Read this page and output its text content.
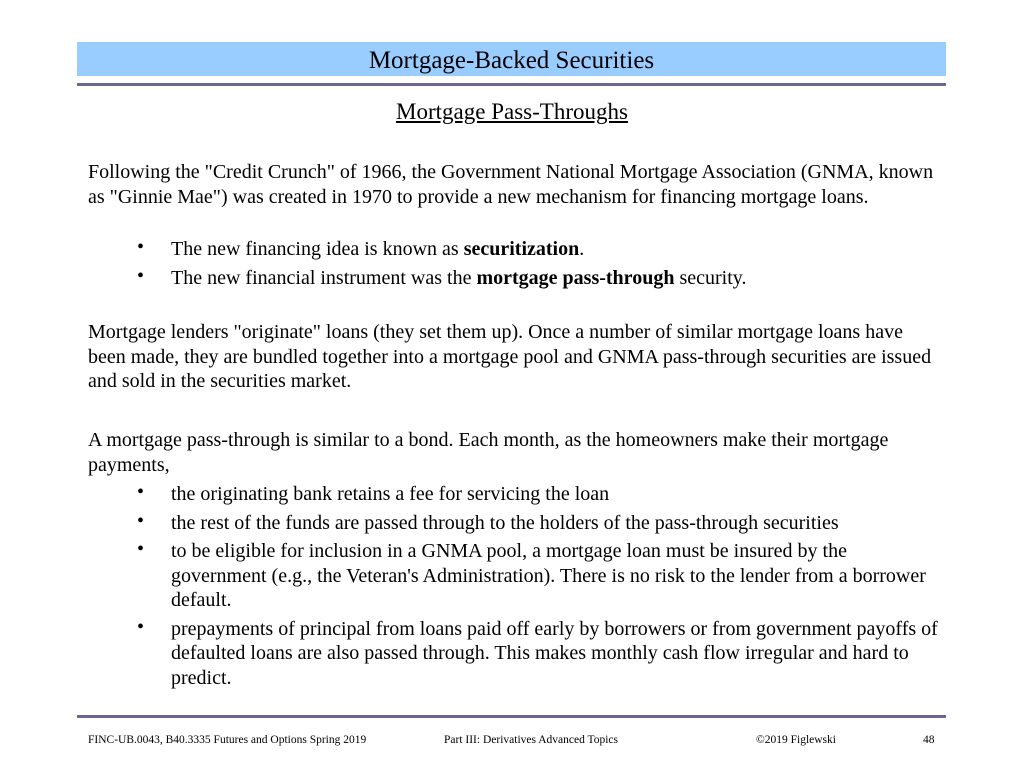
Mortgage-Backed Securities
Mortgage Pass-Throughs
Following the "Credit Crunch" of 1966, the Government National Mortgage Association (GNMA, known as "Ginnie Mae") was created in 1970 to provide a new mechanism for financing mortgage loans.
• The new financing idea is known as securitization.
• The new financial instrument was the mortgage pass-through security.
Mortgage lenders "originate" loans (they set them up). Once a number of similar mortgage loans have been made, they are bundled together into a mortgage pool and GNMA pass-through securities are issued and sold in the securities market.
A mortgage pass-through is similar to a bond. Each month, as the homeowners make their mortgage payments,
• the originating bank retains a fee for servicing the loan
• the rest of the funds are passed through to the holders of the pass-through securities
• to be eligible for inclusion in a GNMA pool, a mortgage loan must be insured by the government (e.g., the Veteran's Administration). There is no risk to the lender from a borrower default.
• prepayments of principal from loans paid off early by borrowers or from government payoffs of defaulted loans are also passed through. This makes monthly cash flow irregular and hard to predict.
FINC-UB.0043, B40.3335 Futures and Options Spring 2019	Part III: Derivatives Advanced Topics	©2019 Figlewski	48
